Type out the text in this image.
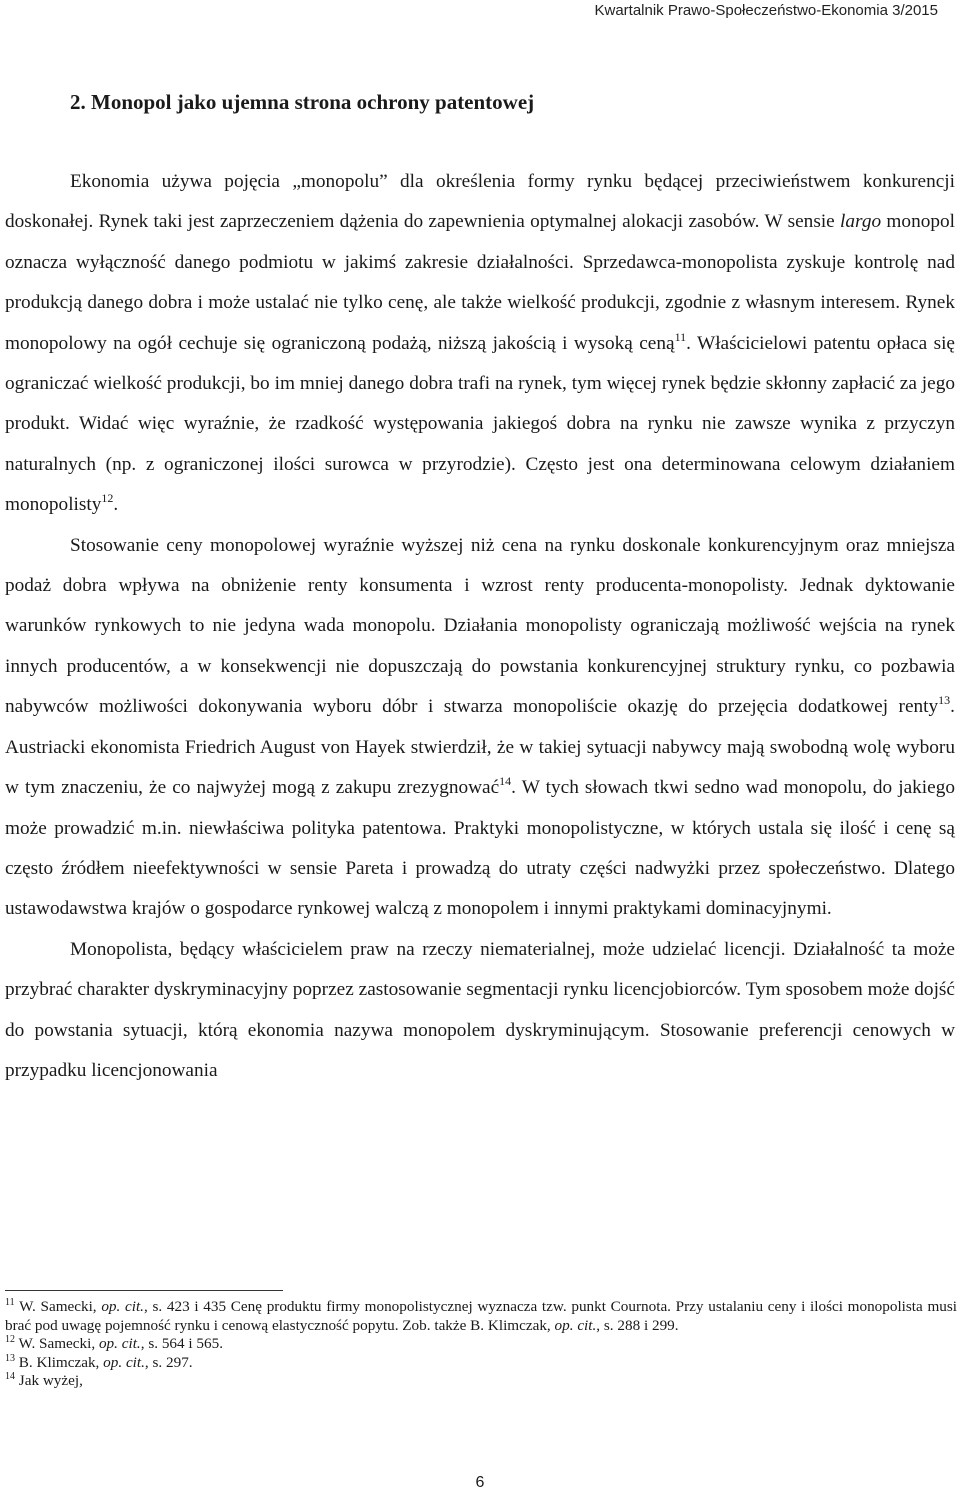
Kwartalnik Prawo-Społeczeństwo-Ekonomia 3/2015
2. Monopol jako ujemna strona ochrony patentowej

Ekonomia używa pojęcia „monopolu” dla określenia formy rynku będącej przeciwieństwem konkurencji doskonałej. Rynek taki jest zaprzeczeniem dążenia do zapewnienia optymalnej alokacji zasobów. W sensie largo monopol oznacza wyłączność danego podmiotu w jakimś zakresie działalności. Sprzedawca-monopolista zyskuje kontrolę nad produkcją danego dobra i może ustalać nie tylko cenę, ale także wielkość produkcji, zgodnie z własnym interesem. Rynek monopolowy na ogół cechuje się ograniczoną podażą, niższą jakością i wysoką ceną$^{11}$. Właścicielowi patentu opłaca się ograniczać wielkość produkcji, bo im mniej danego dobra trafi na rynek, tym więcej rynek będzie skłonny zapłacić za jego produkt. Widać więc wyraźnie, że rzadkość występowania jakiegoś dobra na rynku nie zawsze wynika z przyczyn naturalnych (np. z ograniczonej ilości surowca w przyrodzie). Często jest ona determinowana celowym działaniem monopolisty$^{12}$.

Stosowanie ceny monopolowej wyraźnie wyższej niż cena na rynku doskonale konkurencyjnym oraz mniejsza podaż dobra wpływa na obniżenie renty konsumenta i wzrost renty producenta-monopolisty. Jednak dyktowanie warunków rynkowych to nie jedyna wada monopolu. Działania monopolisty ograniczają możliwość wejścia na rynek innych producentów, a w konsekwencji nie dopuszczają do powstania konkurencyjnej struktury rynku, co pozbawia nabywców możliwości dokonywania wyboru dóbr i stwarza monopoliście okazję do przejęcia dodatkowej renty$^{13}$. Austriacki ekonomista Friedrich August von Hayek stwierdził, że w takiej sytuacji nabywcy mają swobodną wolę wyboru w tym znaczeniu, że co najwyżej mogą z zakupu zrezygnować$^{14}$. W tych słowach tkwi sedno wad monopolu, do jakiego może prowadzić m.in. niewłaściwa polityka patentowa. Praktyki monopolistyczne, w których ustala się ilość i cenę są często źródłem nieefektywności w sensie Pareta i prowadzą do utraty części nadwyżki przez społeczeństwo. Dlatego ustawodawstwa krajów o gospodarce rynkowej walczą z monopolem i innymi praktykami dominacyjnymi.

Monopolista, będący właścicielem praw na rzeczy niematerialnej, może udzielać licencji. Działalność ta może przybrać charakter dyskryminacyjny poprzez zastosowanie segmentacji rynku licencjobiorców. Tym sposobem może dojść do powstania sytuacji, którą ekonomia nazywa monopolem dyskryminującym. Stosowanie preferencji cenowych w przypadku licencjonowania

$^{11}$ W. Samecki, op. cit., s. 423 i 435 Cenę produktu firmy monopolistycznej wyznacza tzw. punkt Cournota. Przy ustalaniu ceny i ilości monopolista musi brać pod uwagę pojemność rynku i cenową elastyczność popytu. Zob. także B. Klimczak, op. cit., s. 288 i 299.

$^{12}$ W. Samecki, op. cit., s. 564 i 565.

$^{13}$ B. Klimczak, op. cit., s. 297.

$^{14}$ Jak wyżej,

6
